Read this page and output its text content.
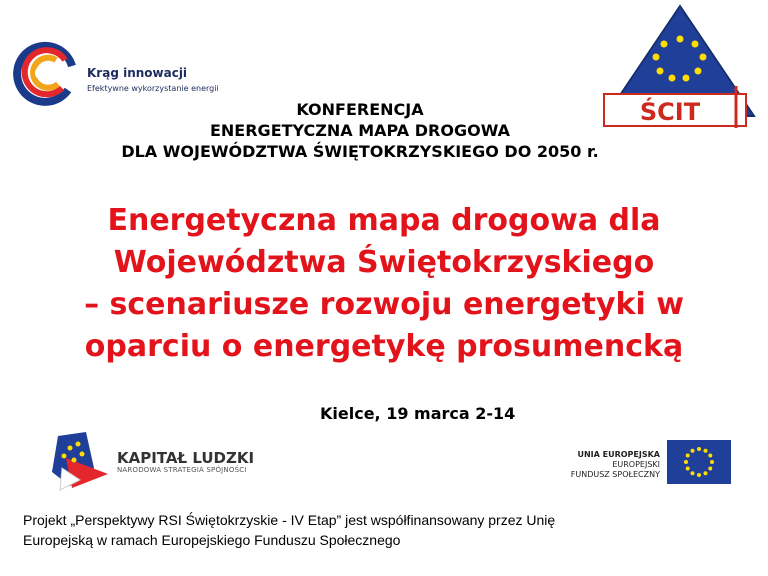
Krąg innowacji
Efektywne wykorzystanie energii
ŚCIT
KONFERENCJA
ENERGETYCZNA MAPA DROGOWA
DLA WOJEWÓDZTWA ŚWIĘTOKRZYSKIEGO DO 2050 r.
Energetyczna mapa drogowa dla
Województwa Świętokrzyskiego
– scenariusze rozwoju energetyki w
oparciu o energetykę prosumencką
Kielce, 19 marca 2-14
KAPITAŁ LUDZKI
NARODOWA STRATEGIA SPÓJNOŚCI
UNIA EUROPEJSKA
EUROPEJSKI
FUNDUSZ SPOŁECZNY
Projekt „Perspektywy RSI Świętokrzyskie - IV Etap” jest współfinansowany przez Unię
Europejską w ramach Europejskiego Funduszu Społecznego
